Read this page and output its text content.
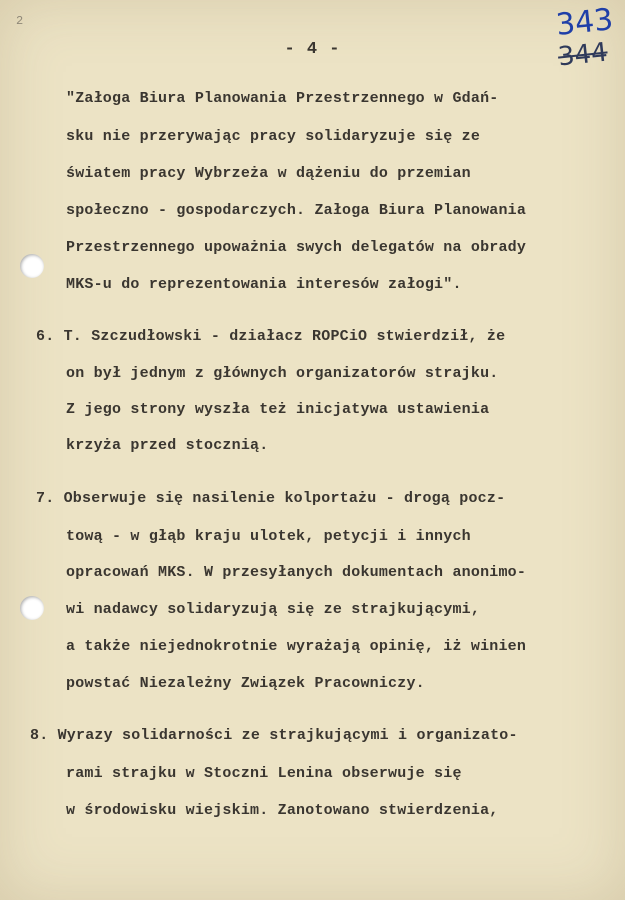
2	343
344
- 4 -
"Załoga Biura Planowania Przestrzennego w Gdań-
sku nie przerywając pracy solidaryzuje się ze
światem pracy Wybrzeża w dążeniu do przemian
społeczno - gospodarczych. Załoga Biura Planowania
Przestrzennego upoważnia swych delegatów na obrady
MKS-u do reprezentowania interesów załogi".
6. T. Szczudłowski - działacz ROPCiO stwierdził, że
on był jednym z głównych organizatorów strajku.
Z jego strony wyszła też inicjatywa ustawienia
krzyża przed stocznią.
7. Obserwuje się nasilenie kolportażu - drogą pocz-
tową - w głąb kraju ulotek, petycji i innych
opracowań MKS. W przesyłanych dokumentach anonimo-
wi nadawcy solidaryzują się ze strajkującymi,
a także niejednokrotnie wyrażają opinię, iż winien
powstać Niezależny Związek Pracowniczy.
8. Wyrazy solidarności ze strajkującymi i organizato-
rami strajku w Stoczni Lenina obserwuje się
w środowisku wiejskim. Zanotowano stwierdzenia,
